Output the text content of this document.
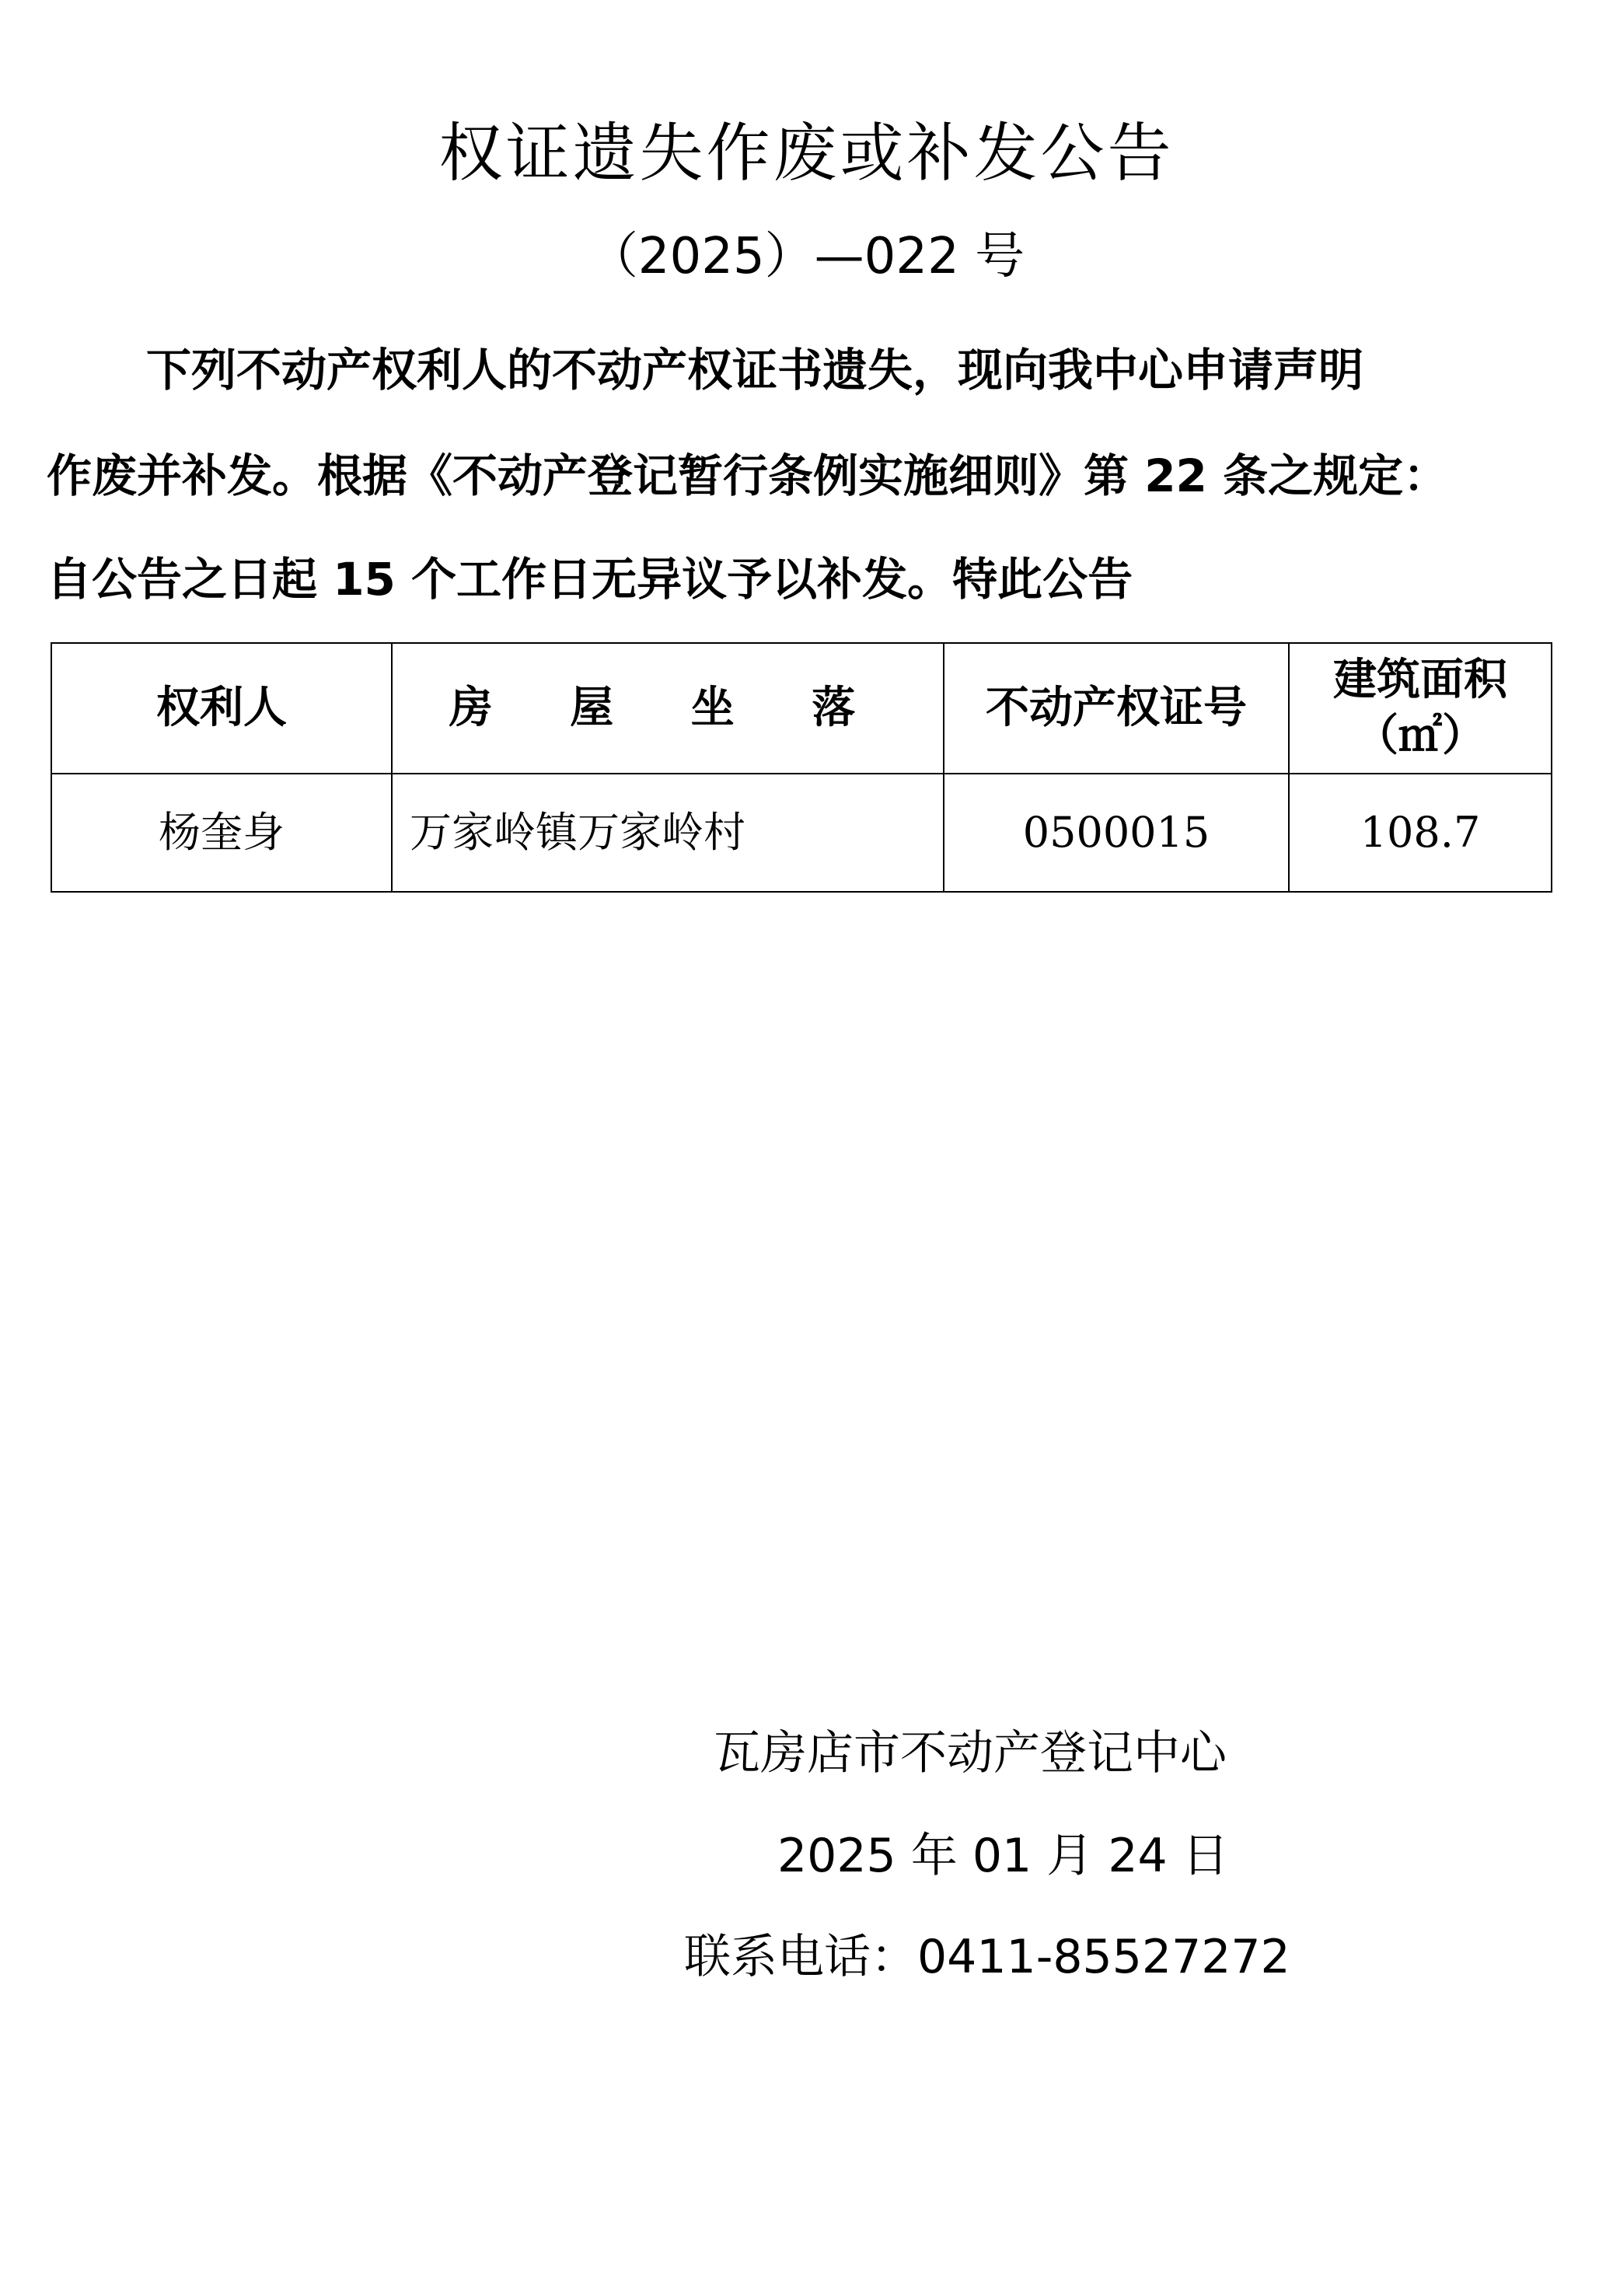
权证遗失作废或补发公告
（2025）—022 号
下列不动产权利人的不动产权证书遗失，现向我中心申请声明
作废并补发。根据《不动产登记暂行条例实施细则》第 22 条之规定：
自公告之日起 15 个工作日无异议予以补发。特此公告
权利人	房 屋 坐 落	不动产权证号	建筑面积
（㎡）

杨奎身	万家岭镇万家岭村	0500015	108.7
瓦房店市不动产登记中心
2025 年 01 月 24 日
联系电话：0411-85527272
